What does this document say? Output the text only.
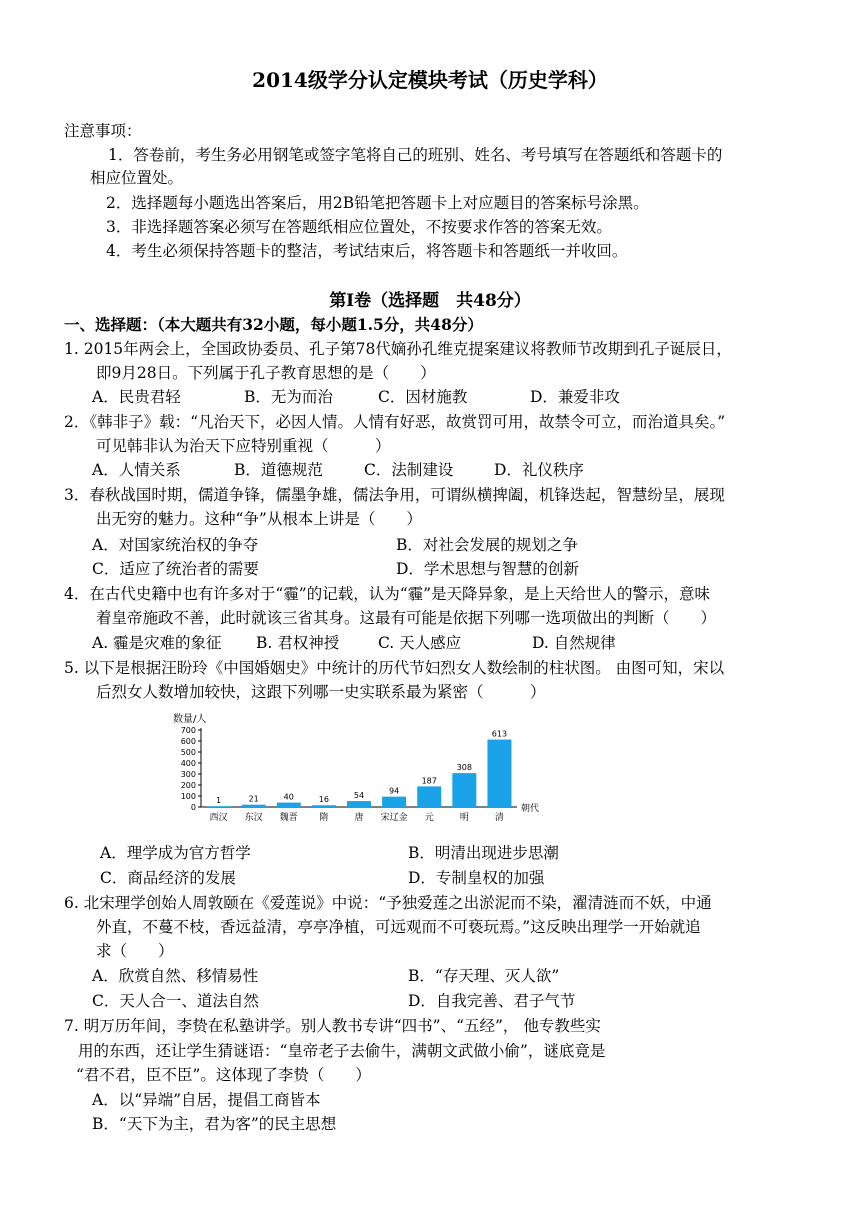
2014级学分认定模块考试（历史学科）
注意事项：
1．答卷前，考生务必用钢笔或签字笔将自己的班别、姓名、考号填写在答题纸和答题卡的
相应位置处。
2．选择题每小题选出答案后，用2B铅笔把答题卡上对应题目的答案标号涂黑。
3．非选择题答案必须写在答题纸相应位置处，不按要求作答的答案无效。
4．考生必须保持答题卡的整洁，考试结束后，将答题卡和答题纸一并收回。
第Ⅰ卷（选择题　共48分）
一、选择题：（本大题共有32小题，每小题1.5分，共48分）
1. 2015年两会上，全国政协委员、孔子第78代嫡孙孔维克提案建议将教师节改期到孔子诞辰日，
即9月28日。下列属于孔子教育思想的是（　　）
A．民贵君轻	B．无为而治	C．因材施教	D．兼爱非攻
2．《韩非子》载：“凡治天下，必因人情。人情有好恶，故赏罚可用，故禁令可立，而治道具矣。”
可见韩非认为治天下应特别重视（　　　）
A．人情关系	B．道德规范	C．法制建设	D．礼仪秩序
3．春秋战国时期，儒道争锋，儒墨争雄，儒法争用，可谓纵横捭阖，机锋迭起，智慧纷呈，展现
出无穷的魅力。这种“争”从根本上讲是（　　）
A．对国家统治权的争夺	B．对社会发展的规划之争
C．适应了统治者的需要	D．学术思想与智慧的创新
4．在古代史籍中也有许多对于“霾”的记载，认为“霾”是天降异象，是上天给世人的警示，意味
着皇帝施政不善，此时就该三省其身。这最有可能是依据下列哪一选项做出的判断（　　）
A. 霾是灾难的象征 B. 君权神授	C. 天人感应	D. 自然规律
5. 以下是根据汪盼玲《中国婚姻史》中统计的历代节妇烈女人数绘制的柱状图。 由图可知，宋以
后烈女人数增加较快，这跟下列哪一史实联系最为紧密（　　　）
数量/人
0
100
200
300
400
500
600
700
1	21	40	16	54	94
187
308
613
西汉 东汉 魏晋 隋	唐 宋辽金 元	明	清
朝代
A．理学成为官方哲学	B．明清出现进步思潮
C．商品经济的发展	D．专制皇权的加强
6. 北宋理学创始人周敦颐在《爱莲说》中说：“予独爱莲之出淤泥而不染，濯清涟而不妖，中通
外直，不蔓不枝，香远益清，亭亭净植，可远观而不可亵玩焉。”这反映出理学一开始就追
求（　　）
A．欣赏自然、移情易性	B．“存天理、灭人欲”
C．天人合一、道法自然	D．自我完善、君子气节
7. 明万历年间，李贽在私塾讲学。别人教书专讲“四书”、“五经”， 他专教些实
用的东西，还让学生猜谜语：“皇帝老子去偷牛，满朝文武做小偷”，谜底竟是
“君不君，臣不臣”。这体现了李贽（　　）
A．以“异端”自居，提倡工商皆本
B．“天下为主，君为客”的民主思想
